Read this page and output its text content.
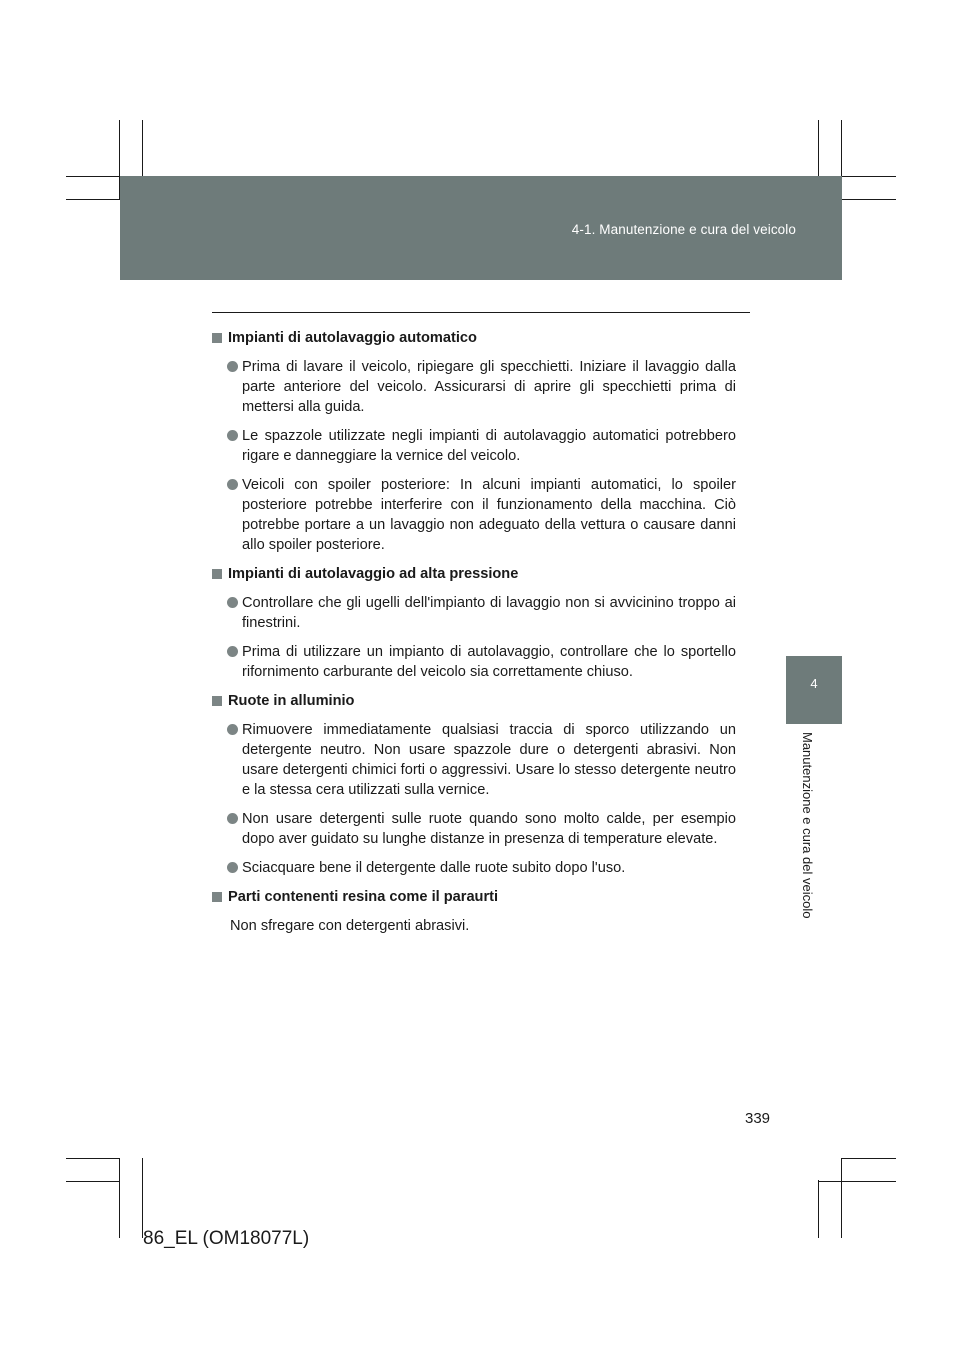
4-1. Manutenzione e cura del veicolo
4
Manutenzione e cura del veicolo
Impianti di autolavaggio automatico
Prima di lavare il veicolo, ripiegare gli specchietti. Iniziare il lavaggio dalla parte anteriore del veicolo. Assicurarsi di aprire gli specchietti prima di mettersi alla guida.
Le spazzole utilizzate negli impianti di autolavaggio automatici potrebbero rigare e danneggiare la vernice del veicolo.
Veicoli con spoiler posteriore: In alcuni impianti automatici, lo spoiler posteriore potrebbe interferire con il funzionamento della macchina. Ciò potrebbe portare a un lavaggio non adeguato della vettura o causare danni allo spoiler posteriore.
Impianti di autolavaggio ad alta pressione
Controllare che gli ugelli dell'impianto di lavaggio non si avvicinino troppo ai finestrini.
Prima di utilizzare un impianto di autolavaggio, controllare che lo sportello rifornimento carburante del veicolo sia correttamente chiuso.
Ruote in alluminio
Rimuovere immediatamente qualsiasi traccia di sporco utilizzando un detergente neutro. Non usare spazzole dure o detergenti abrasivi. Non usare detergenti chimici forti o aggressivi. Usare lo stesso detergente neutro e la stessa cera utilizzati sulla vernice.
Non usare detergenti sulle ruote quando sono molto calde, per esempio dopo aver guidato su lunghe distanze in presenza di temperature elevate.
Sciacquare bene il detergente dalle ruote subito dopo l'uso.
Parti contenenti resina come il paraurti
Non sfregare con detergenti abrasivi.
339
86_EL (OM18077L)
